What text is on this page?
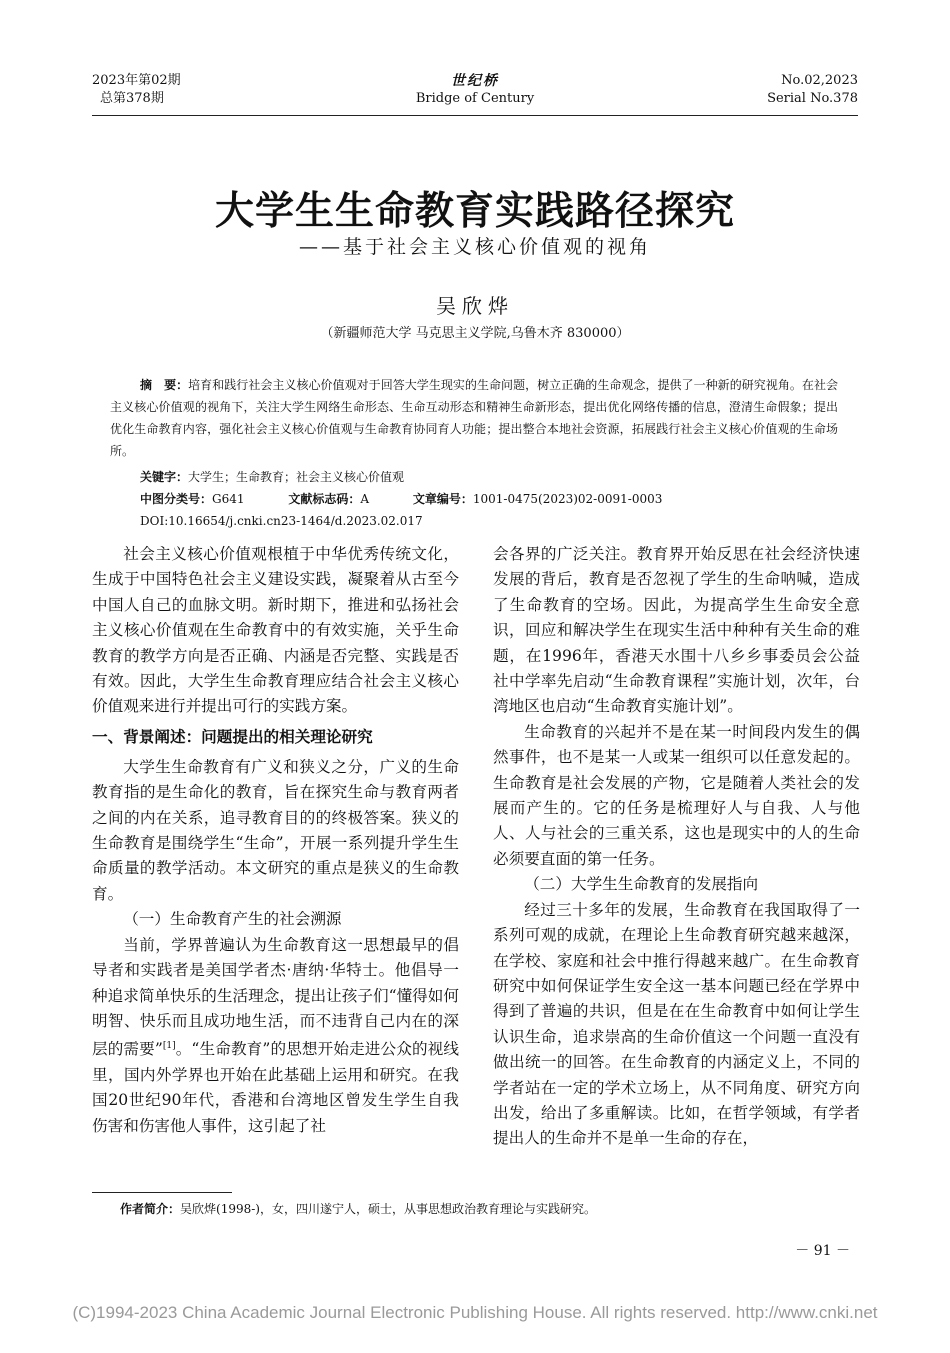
2023年第02期
总第378期
世纪桥
Bridge of Century
No.02,2023
Serial No.378
大学生生命教育实践路径探究
——基于社会主义核心价值观的视角
吴欣烨
（新疆师范大学 马克思主义学院,乌鲁木齐 830000）
摘　要：培育和践行社会主义核心价值观对于回答大学生现实的生命问题，树立正确的生命观念，提供了一种新的研究视角。在社会主义核心价值观的视角下，关注大学生网络生命形态、生命互动形态和精神生命新形态，提出优化网络传播的信息，澄清生命假象；提出优化生命教育内容，强化社会主义核心价值观与生命教育协同育人功能；提出整合本地社会资源，拓展践行社会主义核心价值观的生命场所。
关键字：大学生；生命教育；社会主义核心价值观
中图分类号：G641	文献标志码：A	文章编号：1001-0475(2023)02-0091-0003
DOI:10.16654/j.cnki.cn23-1464/d.2023.02.017

社会主义核心价值观根植于中华优秀传统文化，生成于中国特色社会主义建设实践，凝聚着从古至今中国人自己的血脉文明。新时期下，推进和弘扬社会主义核心价值观在生命教育中的有效实施，关乎生命教育的教学方向是否正确、内涵是否完整、实践是否有效。因此，大学生生命教育理应结合社会主义核心价值观来进行并提出可行的实践方案。

一、背景阐述：问题提出的相关理论研究

大学生生命教育有广义和狭义之分，广义的生命教育指的是生命化的教育，旨在探究生命与教育两者之间的内在关系，追寻教育目的的终极答案。狭义的生命教育是围绕学生“生命”，开展一系列提升学生生命质量的教学活动。本文研究的重点是狭义的生命教育。

（一）生命教育产生的社会溯源

当前，学界普遍认为生命教育这一思想最早的倡导者和实践者是美国学者杰·唐纳·华特士。他倡导一种追求简单快乐的生活理念，提出让孩子们“懂得如何明智、快乐而且成功地生活，而不违背自己内在的深层的需要”[1]。“生命教育”的思想开始走进公众的视线里，国内外学界也开始在此基础上运用和研究。在我国20世纪90年代，香港和台湾地区曾发生学生自我伤害和伤害他人事件，这引起了社

会各界的广泛关注。教育界开始反思在社会经济快速发展的背后，教育是否忽视了学生的生命呐喊，造成了生命教育的空场。因此，为提高学生生命安全意识，回应和解决学生在现实生活中种种有关生命的难题，在1996年，香港天水围十八乡乡事委员会公益社中学率先启动“生命教育课程”实施计划，次年，台湾地区也启动“生命教育实施计划”。

生命教育的兴起并不是在某一时间段内发生的偶然事件，也不是某一人或某一组织可以任意发起的。生命教育是社会发展的产物，它是随着人类社会的发展而产生的。它的任务是梳理好人与自我、人与他人、人与社会的三重关系，这也是现实中的人的生命必须要直面的第一任务。

（二）大学生生命教育的发展指向

经过三十多年的发展，生命教育在我国取得了一系列可观的成就，在理论上生命教育研究越来越深，在学校、家庭和社会中推行得越来越广。在生命教育研究中如何保证学生安全这一基本问题已经在学界中得到了普遍的共识，但是在在生命教育中如何让学生认识生命，追求崇高的生命价值这一个问题一直没有做出统一的回答。在生命教育的内涵定义上，不同的学者站在一定的学术立场上，从不同角度、研究方向出发，给出了多重解读。比如，在哲学领域，有学者提出人的生命并不是单一生命的存在，

作者简介：吴欣烨(1998-)，女，四川遂宁人，硕士，从事思想政治教育理论与实践研究。
－ 91 －
(C)1994-2023 China Academic Journal Electronic Publishing House. All rights reserved. http://www.cnki.net
